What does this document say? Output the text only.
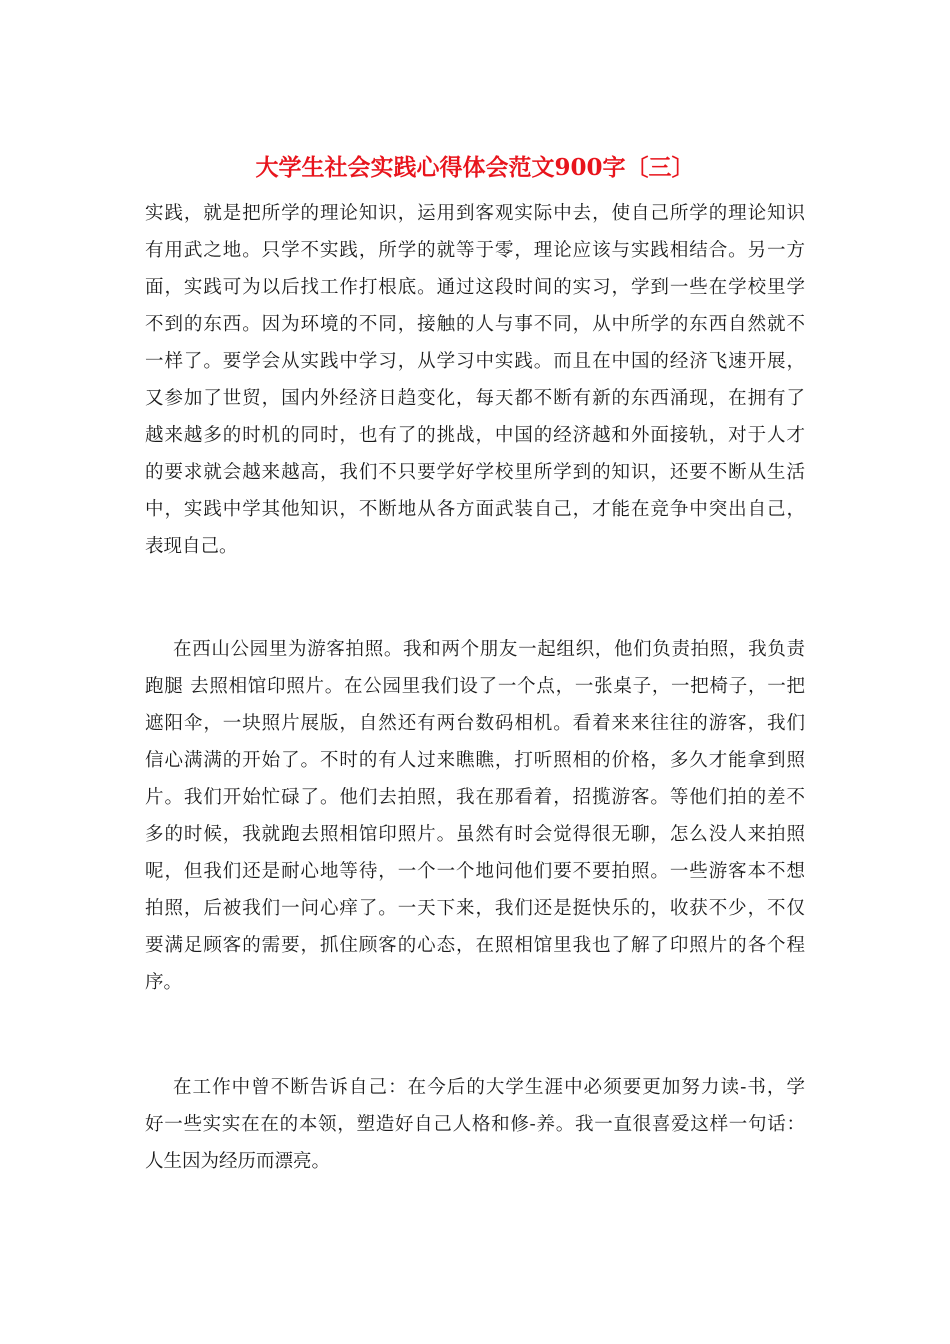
大学生社会实践心得体会范文900字〔三〕
实践，就是把所学的理论知识，运用到客观实际中去，使自己所学的理论知识
有用武之地。只学不实践，所学的就等于零，理论应该与实践相结合。另一方
面，实践可为以后找工作打根底。通过这段时间的实习，学到一些在学校里学
不到的东西。因为环境的不同，接触的人与事不同，从中所学的东西自然就不
一样了。要学会从实践中学习，从学习中实践。而且在中国的经济飞速开展，
又参加了世贸，国内外经济日趋变化，每天都不断有新的东西涌现，在拥有了
越来越多的时机的同时，也有了的挑战，中国的经济越和外面接轨，对于人才
的要求就会越来越高，我们不只要学好学校里所学到的知识，还要不断从生活
中，实践中学其他知识，不断地从各方面武装自己，才能在竞争中突出自己，
表现自己。
在西山公园里为游客拍照。我和两个朋友一起组织，他们负责拍照，我负责
跑腿 去照相馆印照片。在公园里我们设了一个点，一张桌子，一把椅子，一把
遮阳伞，一块照片展版，自然还有两台数码相机。看着来来往往的游客，我们
信心满满的开始了。不时的有人过来瞧瞧，打听照相的价格，多久才能拿到照
片。我们开始忙碌了。他们去拍照，我在那看着，招揽游客。等他们拍的差不
多的时候，我就跑去照相馆印照片。虽然有时会觉得很无聊，怎么没人来拍照
呢，但我们还是耐心地等待，一个一个地问他们要不要拍照。一些游客本不想
拍照，后被我们一问心痒了。一天下来，我们还是挺快乐的，收获不少，不仅
要满足顾客的需要，抓住顾客的心态，在照相馆里我也了解了印照片的各个程
序。
在工作中曾不断告诉自己：在今后的大学生涯中必须要更加努力读-书，学
好一些实实在在的本领，塑造好自己人格和修-养。我一直很喜爱这样一句话：
人生因为经历而漂亮。
